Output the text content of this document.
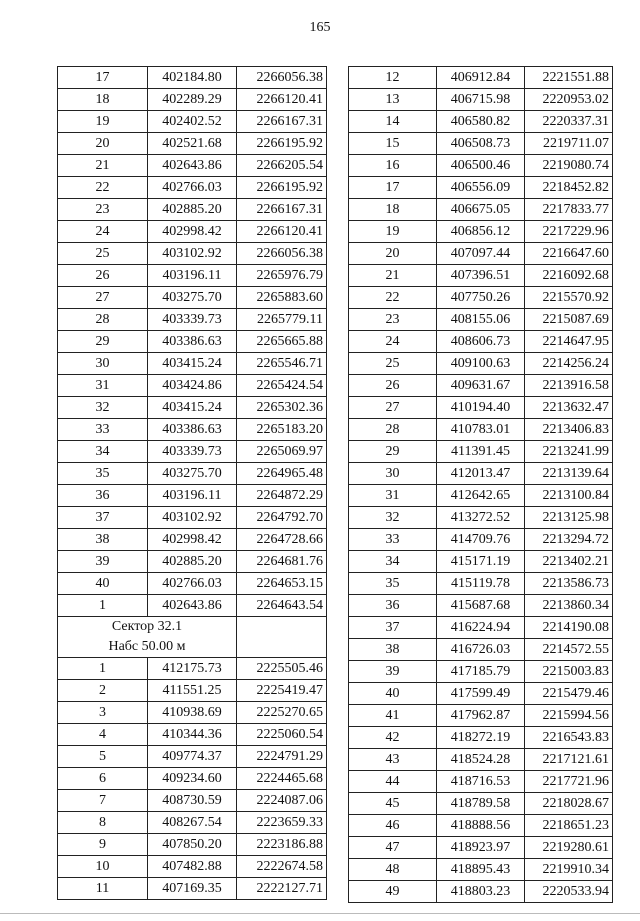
165
17	402184.80	2266056.38
18	402289.29	2266120.41
19	402402.52	2266167.31
20	402521.68	2266195.92
21	402643.86	2266205.54
22	402766.03	2266195.92
23	402885.20	2266167.31
24	402998.42	2266120.41
25	403102.92	2266056.38
26	403196.11	2265976.79
27	403275.70	2265883.60
28	403339.73	2265779.11
29	403386.63	2265665.88
30	403415.24	2265546.71
31	403424.86	2265424.54
32	403415.24	2265302.36
33	403386.63	2265183.20
34	403339.73	2265069.97
35	403275.70	2264965.48
36	403196.11	2264872.29
37	403102.92	2264792.70
38	402998.42	2264728.66
39	402885.20	2264681.76
40	402766.03	2264653.15
1	402643.86	2264643.54

Сектор 32.1
Набс 50.00 м		

1	412175.73	2225505.46
2	411551.25	2225419.47
3	410938.69	2225270.65
4	410344.36	2225060.54
5	409774.37	2224791.29
6	409234.60	2224465.68
7	408730.59	2224087.06
8	408267.54	2223659.33
9	407850.20	2223186.88
10	407482.88	2222674.58
11	407169.35	2222127.71
12	406912.84	2221551.88
13	406715.98	2220953.02
14	406580.82	2220337.31
15	406508.73	2219711.07
16	406500.46	2219080.74
17	406556.09	2218452.82
18	406675.05	2217833.77
19	406856.12	2217229.96
20	407097.44	2216647.60
21	407396.51	2216092.68
22	407750.26	2215570.92
23	408155.06	2215087.69
24	408606.73	2214647.95
25	409100.63	2214256.24
26	409631.67	2213916.58
27	410194.40	2213632.47
28	410783.01	2213406.83
29	411391.45	2213241.99
30	412013.47	2213139.64
31	412642.65	2213100.84
32	413272.52	2213125.98
33	414709.76	2213294.72
34	415171.19	2213402.21
35	415119.78	2213586.73
36	415687.68	2213860.34
37	416224.94	2214190.08
38	416726.03	2214572.55
39	417185.79	2215003.83
40	417599.49	2215479.46
41	417962.87	2215994.56
42	418272.19	2216543.83
43	418524.28	2217121.61
44	418716.53	2217721.96
45	418789.58	2218028.67
46	418888.56	2218651.23
47	418923.97	2219280.61
48	418895.43	2219910.34
49	418803.23	2220533.94
